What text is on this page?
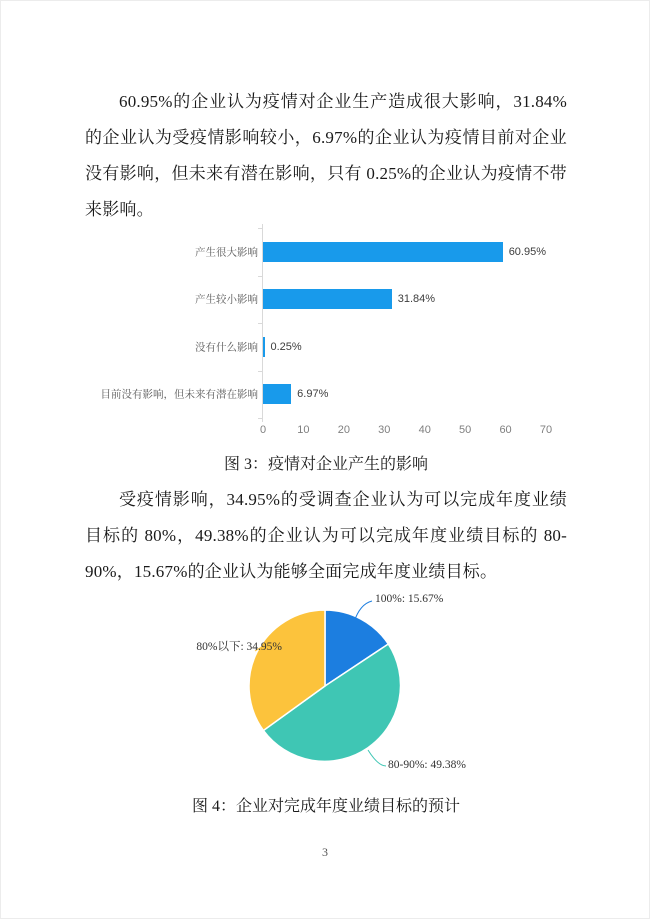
60.95%的企业认为疫情对企业生产造成很大影响，31.84%的企业认为受疫情影响较小，6.97%的企业认为疫情目前对企业没有影响，但未来有潜在影响，只有 0.25%的企业认为疫情不带来影响。

产生很大影响	60.95%
产生较小影响	31.84%
没有什么影响 0.25%
目前没有影响，但未来有潜在影响	6.97%
0	10	20	30	40	50	60	70

图 3：疫情对企业产生的影响

受疫情影响，34.95%的受调查企业认为可以完成年度业绩目标的 80%，49.38%的企业认为可以完成年度业绩目标的 80-90%，15.67%的企业认为能够全面完成年度业绩目标。

100%: 15.67%
80-90%: 49.38%
80%以下: 34.95%

图 4：企业对完成年度业绩目标的预计

3
